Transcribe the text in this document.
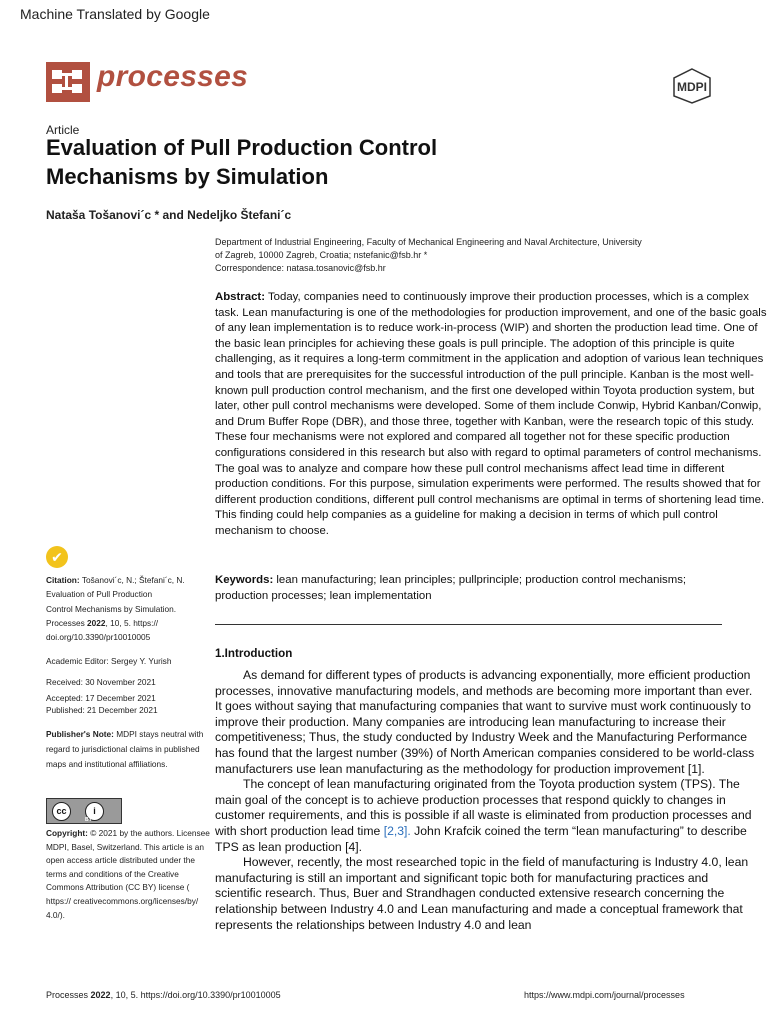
Machine Translated by Google
processes	MDPI
Article
Evaluation of Pull Production Control Mechanisms by Simulation
Nataša Tošanovi´c * and Nedeljko Štefani´c
Department of Industrial Engineering, Faculty of Mechanical Engineering and Naval Architecture, University
of Zagreb, 10000 Zagreb, Croatia; nstefanic@fsb.hr *
Correspondence: natasa.tosanovic@fsb.hr
Abstract: Today, companies need to continuously improve their production processes, which is a complex task. Lean manufacturing is one of the methodologies for production improvement, and one of the basic goals of any lean implementation is to reduce work-in-process (WIP) and shorten the production lead time. One of the basic lean principles for achieving these goals is pull principle. The adoption of this principle is quite challenging, as it requires a long-term commitment in the application and adoption of various lean techniques and tools that are prerequisites for the successful introduction of the pull principle. Kanban is the most well-known pull production control mechanism, and the first one developed within Toyota production system, but later, other pull control mechanisms were developed. Some of them include Conwip, Hybrid Kanban/Conwip, and Drum Buffer Rope (DBR), and those three, together with Kanban, were the research topic of this study. These four mechanisms were not explored and compared all together not for these specific production configurations considered in this research but also with regard to optimal parameters of control mechanisms. The goal was to analyze and compare how these pull control mechanisms affect lead time in different production conditions. For this purpose, simulation experiments were performed. The results showed that for different production conditions, different pull control mechanisms are optimal in terms of shortening lead time. This finding could help companies as a guideline for making a decision in terms of which pull control mechanism to choose.
Keywords: lean manufacturing; lean principles; pullprinciple; production control mechanisms; production processes; lean implementation
✔
Citation: Tošanovi´c, N.; Štefani´c, N. Evaluation of Pull Production
Control Mechanisms by Simulation.
Processes 2022, 10, 5. https://
doi.org/10.3390/pr10010005
Academic Editor: Sergey Y. Yurish
Received: 30 November 2021
Accepted: 17 December 2021
Published: 21 December 2021
Publisher's Note: MDPI stays neutral with regard to jurisdictional claims in published maps and institutional affiliations.
cc	i
BY
Copyright: © 2021 by the authors. Licensee MDPI, Basel, Switzerland. This article is an open access article distributed under the terms and conditions of the Creative Commons Attribution (CC BY) license ( https:// creativecommons.org/licenses/by/ 4.0/).
1.Introduction

As demand for different types of products is advancing exponentially, more efficient production processes, innovative manufacturing models, and methods are becoming more important than ever. It goes without saying that manufacturing companies that want to survive must work continuously to improve their production. Many companies are introducing lean manufacturing to increase their competitiveness; Thus, the study conducted by Industry Week and the Manufacturing Performance has found that the largest number (39%) of North American companies considered to be world-class manufacturers use lean manufacturing as the methodology for production improvement [1].

The concept of lean manufacturing originated from the Toyota production system (TPS). The main goal of the concept is to achieve production processes that respond quickly to changes in customer requirements, and this is possible if all waste is eliminated from production processes and with short production lead time [2,3]. John Krafcik coined the term “lean manufacturing” to describe TPS as lean production [4].

However, recently, the most researched topic in the field of manufacturing is Industry 4.0, lean manufacturing is still an important and significant topic both for manufacturing practices and scientific research. Thus, Buer and Strandhagen conducted extensive research concerning the relationship between Industry 4.0 and Lean manufacturing and made a conceptual framework that represents the relationships between Industry 4.0 and lean

Processes 2022, 10, 5. https://doi.org/10.3390/pr10010005	https://www.mdpi.com/journal/processes
